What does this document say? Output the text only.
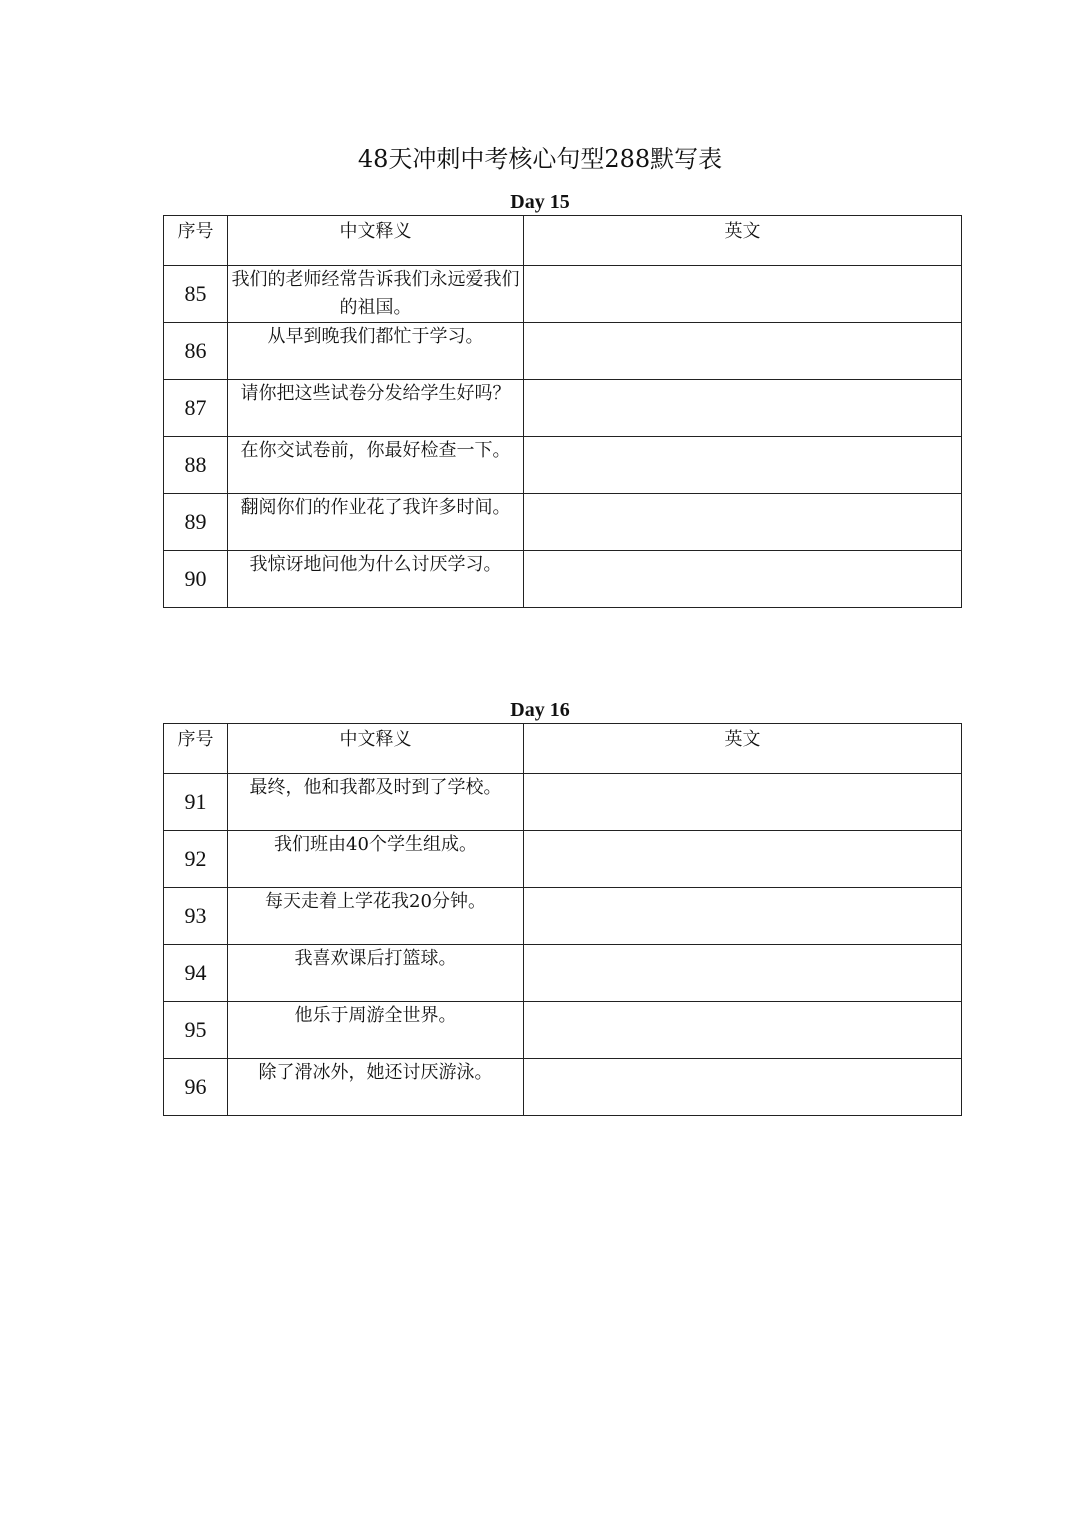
48天冲刺中考核心句型288默写表
Day 15
序号	中文释义	英文
85	我们的老师经常告诉我们永远爱我们的祖国。	
86	从早到晚我们都忙于学习。	
87	请你把这些试卷分发给学生好吗？	
88	在你交试卷前，你最好检查一下。	
89	翻阅你们的作业花了我许多时间。	
90	我惊讶地问他为什么讨厌学习。	
Day 16
序号	中文释义	英文
91	最终，他和我都及时到了学校。	
92	我们班由40个学生组成。	
93	每天走着上学花我20分钟。	
94	我喜欢课后打篮球。	
95	他乐于周游全世界。	
96	除了滑冰外，她还讨厌游泳。	
